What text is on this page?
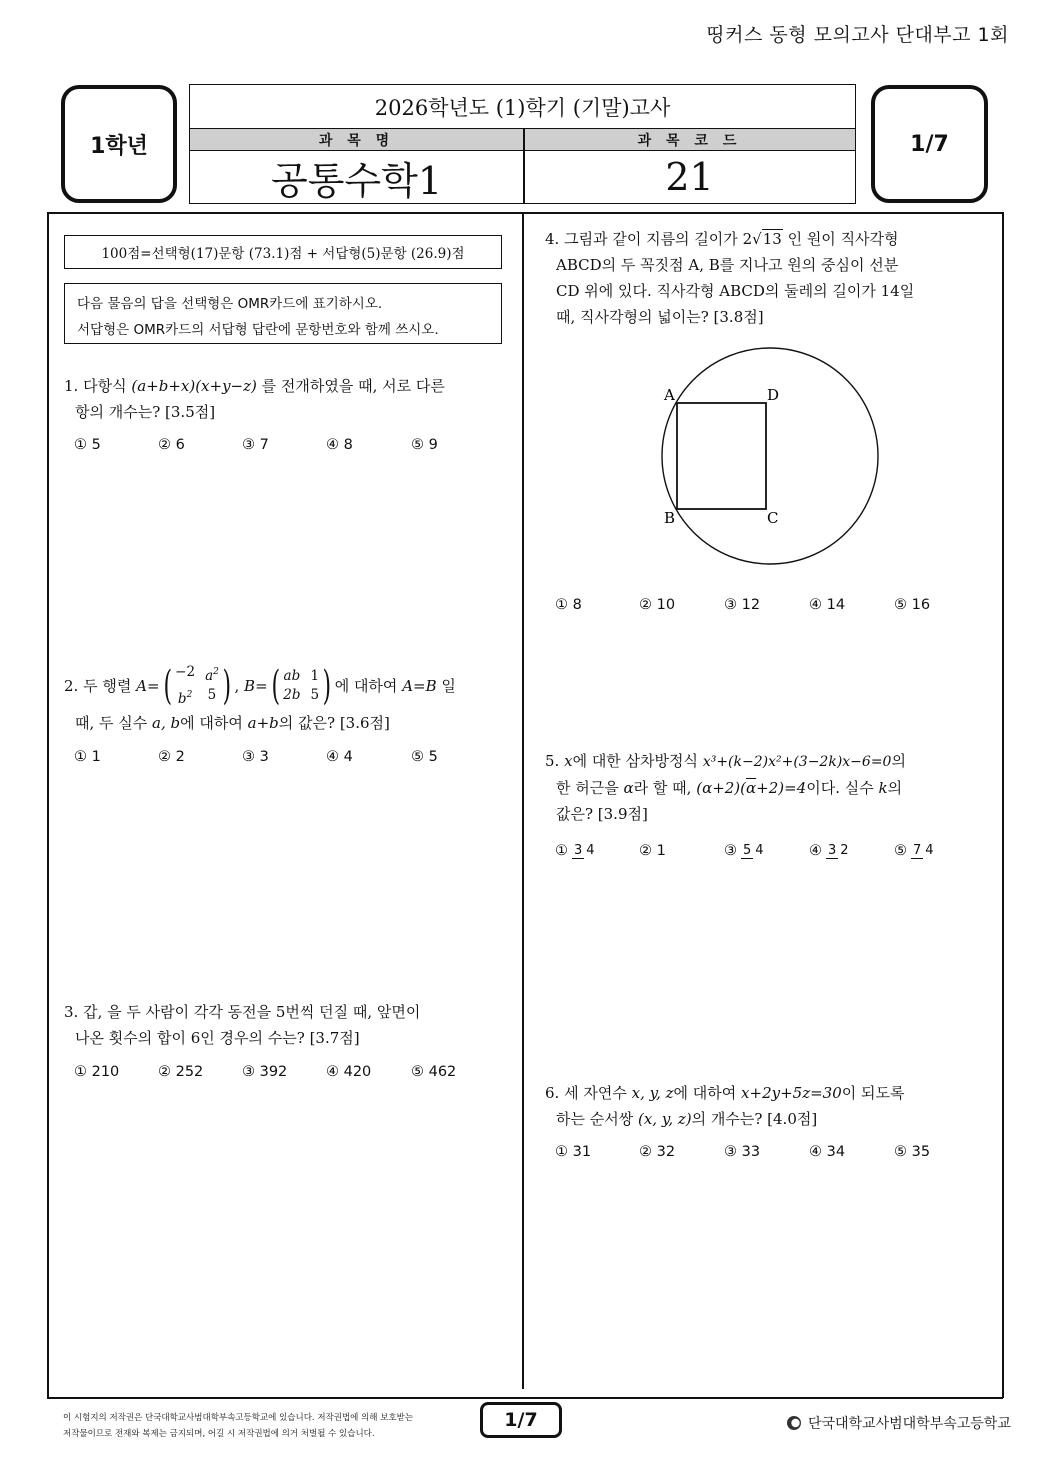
띵커스 동형 모의고사 단대부고 1회
1학년	1/7
2026학년도 (1)학기 (기말)고사
과 목 명	과 목 코 드
공통수학1	21
100점=선택형(17)문항 (73.1)점 + 서답형(5)문항 (26.9)점
다음 물음의 답을 선택형은 OMR카드에 표기하시오.
서답형은 OMR카드의 서답형 답란에 문항번호와 함께 쓰시오.
1. 다항식 (a+b+x)(x+y−z) 를 전개하였을 때, 서로 다른
항의 개수는? [3.5점]
① 5	② 6	③ 7	④ 8	⑤ 9
2.
두 행렬
A = ( −2 $a^2$
$b^2$ 5 ) ,
B = ( ab 1
2b 5 ) 에 대하여
A=B
일
때, 두 실수 a, b에 대하여 a+b의 값은? [3.6점]
① 1	② 2	③ 3	④ 4	⑤ 5
3. 갑, 을 두 사람이 각각 동전을 5번씩 던질 때, 앞면이
나온 횟수의 합이 6인 경우의 수는? [3.7점]
① 210	② 252	③ 392	④ 420	⑤ 462
4. 그림과 같이 지름의 길이가 2√13 인 원이 직사각형
ABCD의 두 꼭짓점 A, B를 지나고 원의 중심이 선분
CD 위에 있다. 직사각형 ABCD의 둘레의 길이가 14일
때, 직사각형의 넓이는? [3.8점]
A	D
B	C
① 8	② 10	③ 12	④ 14	⑤ 16
5. x에 대한 삼차방정식 x³+(k−2)x²+(3−2k)x−6=0의
한 허근을 α라 할 때, $(\alpha+2)(\overline{\alpha}+2)=4$이다. 실수 k의
값은? [3.9점]
① 3 4	② 1	③ 5 4	④ 3 2	⑤ 7 4
6. 세 자연수 x, y, z에 대하여 x+2y+5z=30이 되도록
하는 순서쌍 (x, y, z)의 개수는? [4.0점]
① 31	② 32	③ 33	④ 34	⑤ 35
이 시험지의 저작권은 단국대학교사범대학부속고등학교에 있습니다. 저작권법에 의해 보호받는
저작물이므로 전재와 복제는 금지되며, 어길 시 저작권법에 의거 처벌될 수 있습니다.
1/7	단국대학교사범대학부속고등학교
